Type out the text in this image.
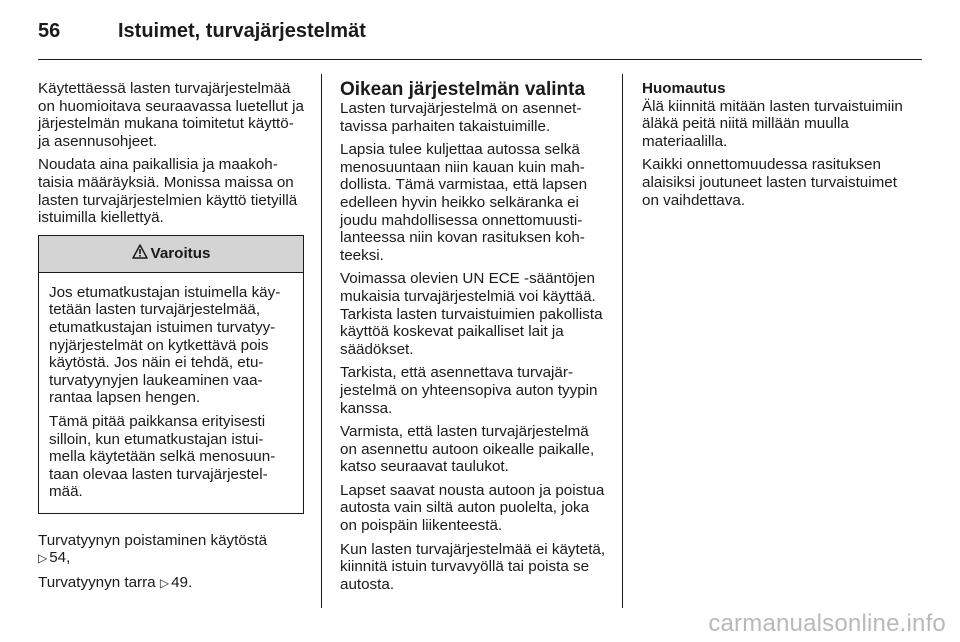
56	Istuimet, turvajärjestelmät

Käytettäessä lasten turvajärjestelmää on huomioitava seuraavassa luetellut ja järjestelmän mukana toimitetut käyttö- ja asennusohjeet.

Noudata aina paikallisia ja maakohtaisia määräyksiä. Monissa maissa on lasten turvajärjestelmien käyttö tietyillä istuimilla kiellettyä.

Varoitus

Jos etumatkustajan istuimella käytetään lasten turvajärjestelmää, etumatkustajan istuimen turvatyynyjärjestelmät on kytkettävä pois käytöstä. Jos näin ei tehdä, etuturvatyynyjen laukeaminen vaarantaa lapsen hengen.

Tämä pitää paikkansa erityisesti silloin, kun etumatkustajan istuimella käytetään selkä menosuuntaan olevaa lasten turvajärjestelmää.

Turvatyynyn poistaminen käytöstä
▷ 54,

Turvatyynyn tarra ▷ 49.

Oikean järjestelmän valinta

Lasten turvajärjestelmä on asennettavissa parhaiten takaistuimille.

Lapsia tulee kuljettaa autossa selkä menosuuntaan niin kauan kuin mahdollista. Tämä varmistaa, että lapsen edelleen hyvin heikko selkäranka ei joudu mahdollisessa onnettomuustilanteessa niin kovan rasituksen kohteeksi.

Voimassa olevien UN ECE -sääntöjen mukaisia turvajärjestelmiä voi käyttää. Tarkista lasten turvaistuimien pakollista käyttöä koskevat paikalliset lait ja säädökset.

Tarkista, että asennettava turvajärjestelmä on yhteensopiva auton tyypin kanssa.

Varmista, että lasten turvajärjestelmä on asennettu autoon oikealle paikalle, katso seuraavat taulukot.

Lapset saavat nousta autoon ja poistua autosta vain siltä auton puolelta, joka on poispäin liikenteestä.

Kun lasten turvajärjestelmää ei käytetä, kiinnitä istuin turvavyöllä tai poista se autosta.

Huomautus

Älä kiinnitä mitään lasten turvaistuimiin äläkä peitä niitä millään muulla materiaalilla.

Kaikki onnettomuudessa rasituksen alaisiksi joutuneet lasten turvaistuimet on vaihdettava.

carmanualsonline.info
